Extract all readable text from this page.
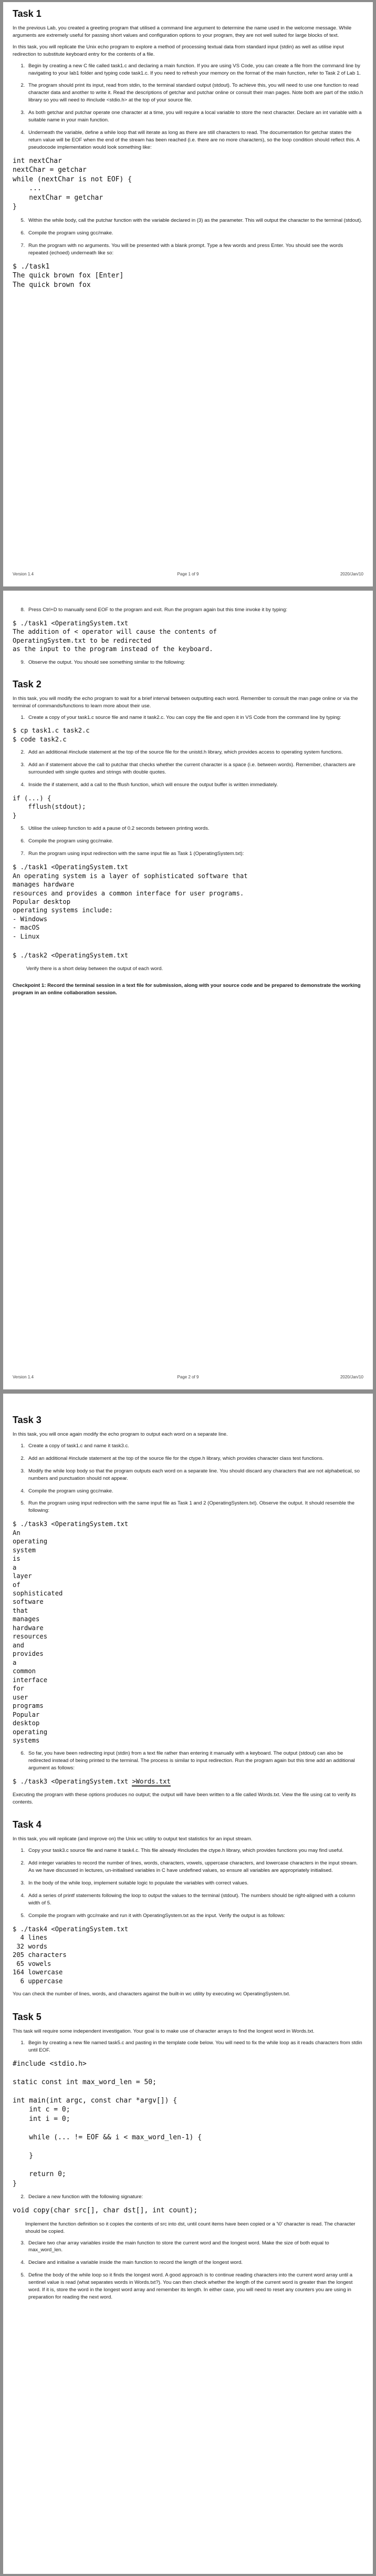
Task 1

In the previous Lab, you created a greeting program that utilised a command line argument to determine the name used in the welcome message. While arguments are extremely useful for passing short values and configuration options to your program, they are not well suited for large blocks of text.

In this task, you will replicate the Unix echo program to explore a method of processing textual data from standard input (stdin) as well as utilise input redirection to substitute keyboard entry for the contents of a file.

1. Begin by creating a new C file called task1.c and declaring a main function. If you are using VS Code, you can create a file from the command line by navigating to your lab1 folder and typing code task1.c. If you need to refresh your memory on the format of the main function, refer to Task 2 of Lab 1.
2. The program should print its input, read from stdin, to the terminal standard output (stdout). To achieve this, you will need to use one function to read character data and another to write it. Read the descriptions of getchar and putchar online or consult their man pages. Note both are part of the stdio.h library so you will need to #include <stdio.h> at the top of your source file.
3. As both getchar and putchar operate one character at a time, you will require a local variable to store the next character. Declare an int variable with a suitable name in your main function.
4. Underneath the variable, define a while loop that will iterate as long as there are still characters to read. The documentation for getchar states the return value will be EOF when the end of the stream has been reached (i.e. there are no more characters), so the loop condition should reflect this. A pseudocode implementation would look something like:
int nextChar
nextChar = getchar
while (nextChar is not EOF) {
...
nextChar = getchar
}
5. Within the while body, call the putchar function with the variable declared in (3) as the parameter. This will output the character to the terminal (stdout).
6. Compile the program using gcc/make.
7. Run the program with no arguments. You will be presented with a blank prompt. Type a few words and press Enter. You should see the words repeated (echoed) underneath like so:
$ ./task1
The quick brown fox [Enter]
The quick brown fox
Version 1.4	Page 1 of 9	2020/Jan/10
8. Press Ctrl+D to manually send EOF to the program and exit. Run the program again but this time invoke it by typing:
$ ./task1 <OperatingSystem.txt
The addition of < operator will cause the contents of
OperatingSystem.txt to be redirected
as the input to the program instead of the keyboard.
9. Observe the output. You should see something similar to the following:
Task 2

In this task, you will modify the echo program to wait for a brief interval between outputting each word. Remember to consult the man page online or via the terminal of commands/functions to learn more about their use.

1. Create a copy of your task1.c source file and name it task2.c. You can copy the file and open it in VS Code from the command line by typing:
$ cp task1.c task2.c
$ code task2.c
2. Add an additional #include statement at the top of the source file for the unistd.h library, which provides access to operating system functions.
3. Add an if statement above the call to putchar that checks whether the current character is a space (i.e. between words). Remember, characters are surrounded with single quotes and strings with double quotes.
4. Inside the if statement, add a call to the fflush function, which will ensure the output buffer is written immediately.
if (...) {
fflush(stdout);
}
5. Utilise the usleep function to add a pause of 0.2 seconds between printing words.
6. Compile the program using gcc/make.
7. Run the program using input redirection with the same input file as Task 1 (OperatingSystem.txt):
$ ./task1 <OperatingSystem.txt
An operating system is a layer of sophisticated software that
manages hardware
resources and provides a common interface for user programs.
Popular desktop
operating systems include:
- Windows
- macOS
- Linux
$ ./task2 <OperatingSystem.txt

Verify there is a short delay between the output of each word.

Checkpoint 1: Record the terminal session in a text file for submission, along with your source code and be prepared to demonstrate the working program in an online collaboration session.

Version 1.4	Page 2 of 9	2020/Jan/10
Task 3

In this task, you will once again modify the echo program to output each word on a separate line.

1. Create a copy of task1.c and name it task3.c.
2. Add an additional #include statement at the top of the source file for the ctype.h library, which provides character class test functions.
3. Modify the while loop body so that the program outputs each word on a separate line. You should discard any characters that are not alphabetical, so numbers and punctuation should not appear.
4. Compile the program using gcc/make.
5. Run the program using input redirection with the same input file as Task 1 and 2 (OperatingSystem.txt). Observe the output. It should resemble the following:
$ ./task3 <OperatingSystem.txt
An
operating
system
is
a
layer
of
sophisticated
software
that
manages
hardware
resources
and
provides
a
common
interface
for
user
programs
Popular
desktop
operating
systems
6. So far, you have been redirecting input (stdin) from a text file rather than entering it manually with a keyboard. The output (stdout) can also be redirected instead of being printed to the terminal. The process is similar to input redirection. Run the program again but this time add an additional argument as follows:
$ ./task3 <OperatingSystem.txt >Words.txt

Executing the program with these options produces no output; the output will have been written to a file called Words.txt. View the file using cat to verify its contents.

Task 4

In this task, you will replicate (and improve on) the Unix wc utility to output text statistics for an input stream.

1. Copy your task3.c source file and name it task4.c. This file already #includes the ctype.h library, which provides functions you may find useful.
2. Add integer variables to record the number of lines, words, characters, vowels, uppercase characters, and lowercase characters in the input stream. As we have discussed in lectures, un-initialised variables in C have undefined values, so ensure all variables are appropriately initialised.
3. In the body of the while loop, implement suitable logic to populate the variables with correct values.
4. Add a series of printf statements following the loop to output the values to the terminal (stdout). The numbers should be right-aligned with a column width of 5.
5. Compile the program with gcc/make and run it with OperatingSystem.txt as the input. Verify the output is as follows:
$ ./task4 <OperatingSystem.txt
4 lines
32 words
205 characters
65 vowels
164 lowercase
6 uppercase

You can check the number of lines, words, and characters against the built-in wc utility by executing wc OperatingSystem.txt.

Task 5

This task will require some independent investigation. Your goal is to make use of character arrays to find the longest word in Words.txt.

1. Begin by creating a new file named task5.c and pasting in the template code below. You will need to fix the while loop as it reads characters from stdin until EOF.
#include <stdio.h>

static const int max_word_len = 50;

int main(int argc, const char *argv[]) {
int c = 0;
int i = 0;

while (... != EOF && i < max_word_len-1) {

}

return 0;
}
2. Declare a new function with the following signature:
void copy(char src[], char dst[], int count);

Implement the function definition so it copies the contents of src into dst, until count items have been copied or a '\0' character is read. The character should be copied.

3. Declare two char array variables inside the main function to store the current word and the longest word. Make the size of both equal to max_word_len.
4. Declare and initialise a variable inside the main function to record the length of the longest word.
5. Define the body of the while loop so it finds the longest word. A good approach is to continue reading characters into the current word array until a sentinel value is read (what separates words in Words.txt?). You can then check whether the length of the current word is greater than the longest word. If it is, store the word in the longest word array and remember its length. In either case, you will need to reset any counters you are using in preparation for reading the next word.
